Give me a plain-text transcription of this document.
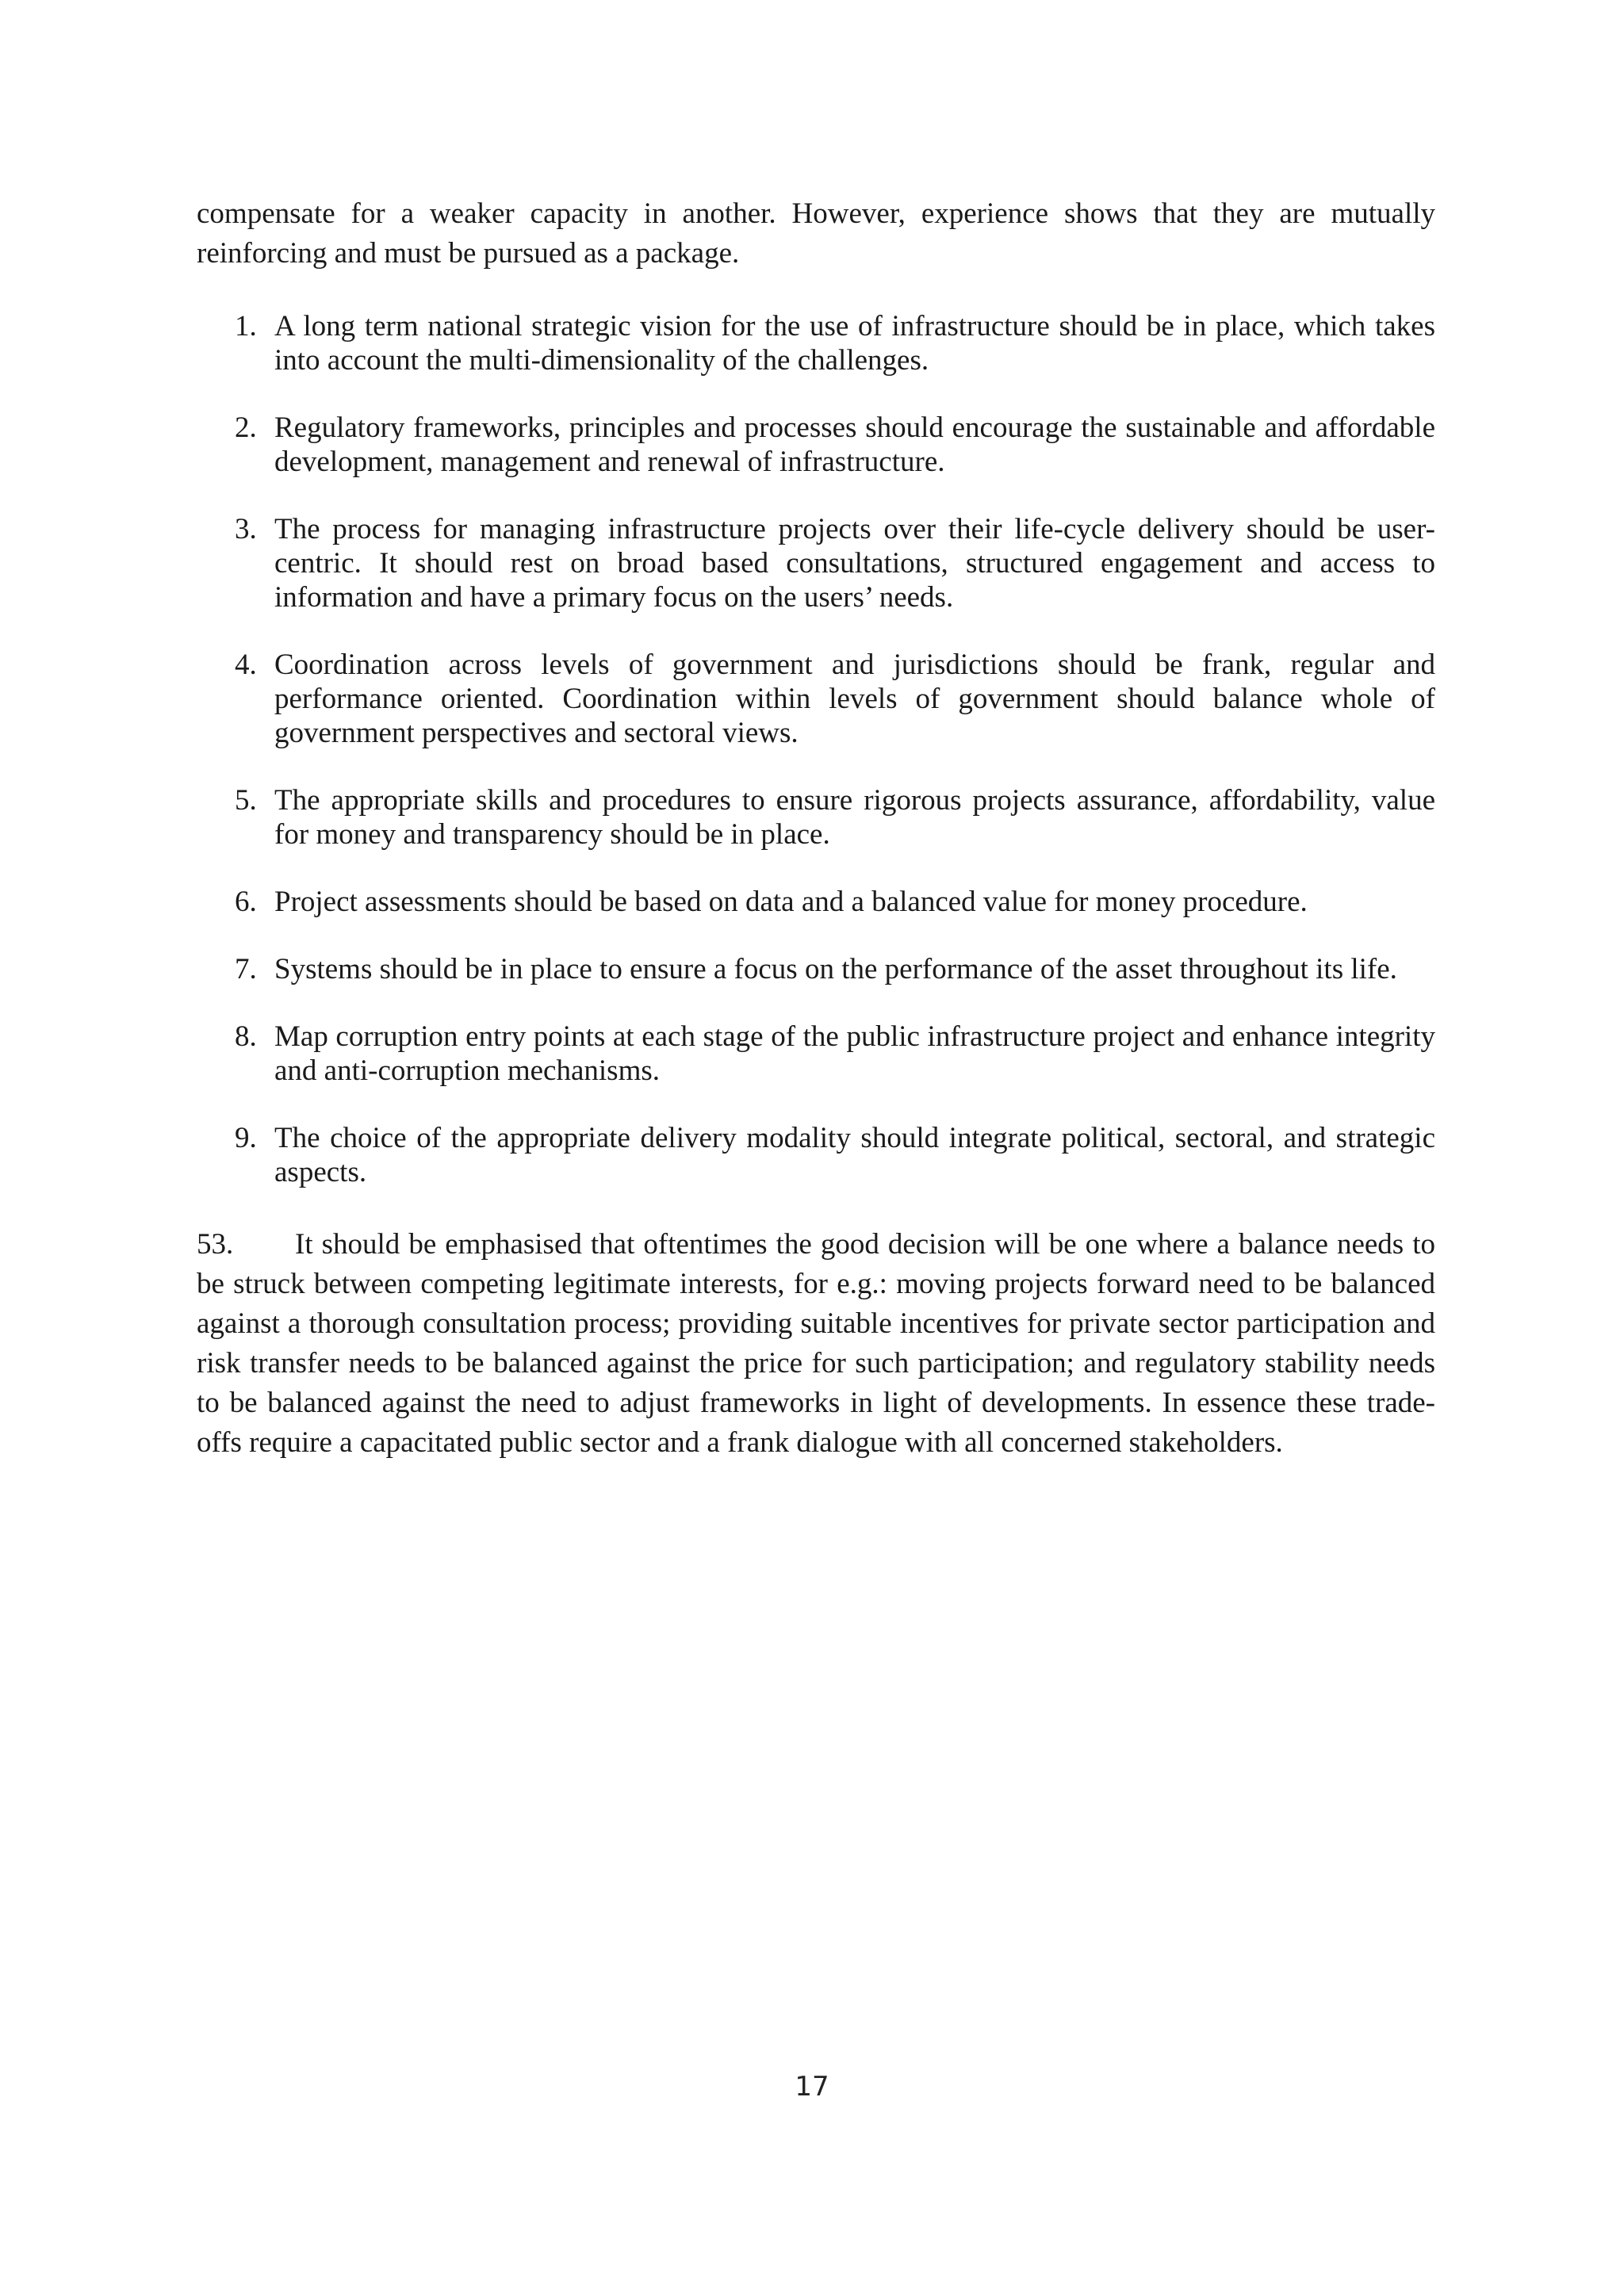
compensate for a weaker capacity in another. However, experience shows that they are mutually reinforcing and must be pursued as a package.

1. A long term national strategic vision for the use of infrastructure should be in place, which takes into account the multi-dimensionality of the challenges.
2. Regulatory frameworks, principles and processes should encourage the sustainable and affordable development, management and renewal of infrastructure.
3. The process for managing infrastructure projects over their life-cycle delivery should be user-centric. It should rest on broad based consultations, structured engagement and access to information and have a primary focus on the users’ needs.
4. Coordination across levels of government and jurisdictions should be frank, regular and performance oriented. Coordination within levels of government should balance whole of government perspectives and sectoral views.
5. The appropriate skills and procedures to ensure rigorous projects assurance, affordability, value for money and transparency should be in place.
6. Project assessments should be based on data and a balanced value for money procedure.
7. Systems should be in place to ensure a focus on the performance of the asset throughout its life.
8. Map corruption entry points at each stage of the public infrastructure project and enhance integrity and anti-corruption mechanisms.
9. The choice of the appropriate delivery modality should integrate political, sectoral, and strategic aspects.

53. It should be emphasised that oftentimes the good decision will be one where a balance needs to be struck between competing legitimate interests, for e.g.: moving projects forward need to be balanced against a thorough consultation process; providing suitable incentives for private sector participation and risk transfer needs to be balanced against the price for such participation; and regulatory stability needs to be balanced against the need to adjust frameworks in light of developments. In essence these trade-offs require a capacitated public sector and a frank dialogue with all concerned stakeholders.

17
